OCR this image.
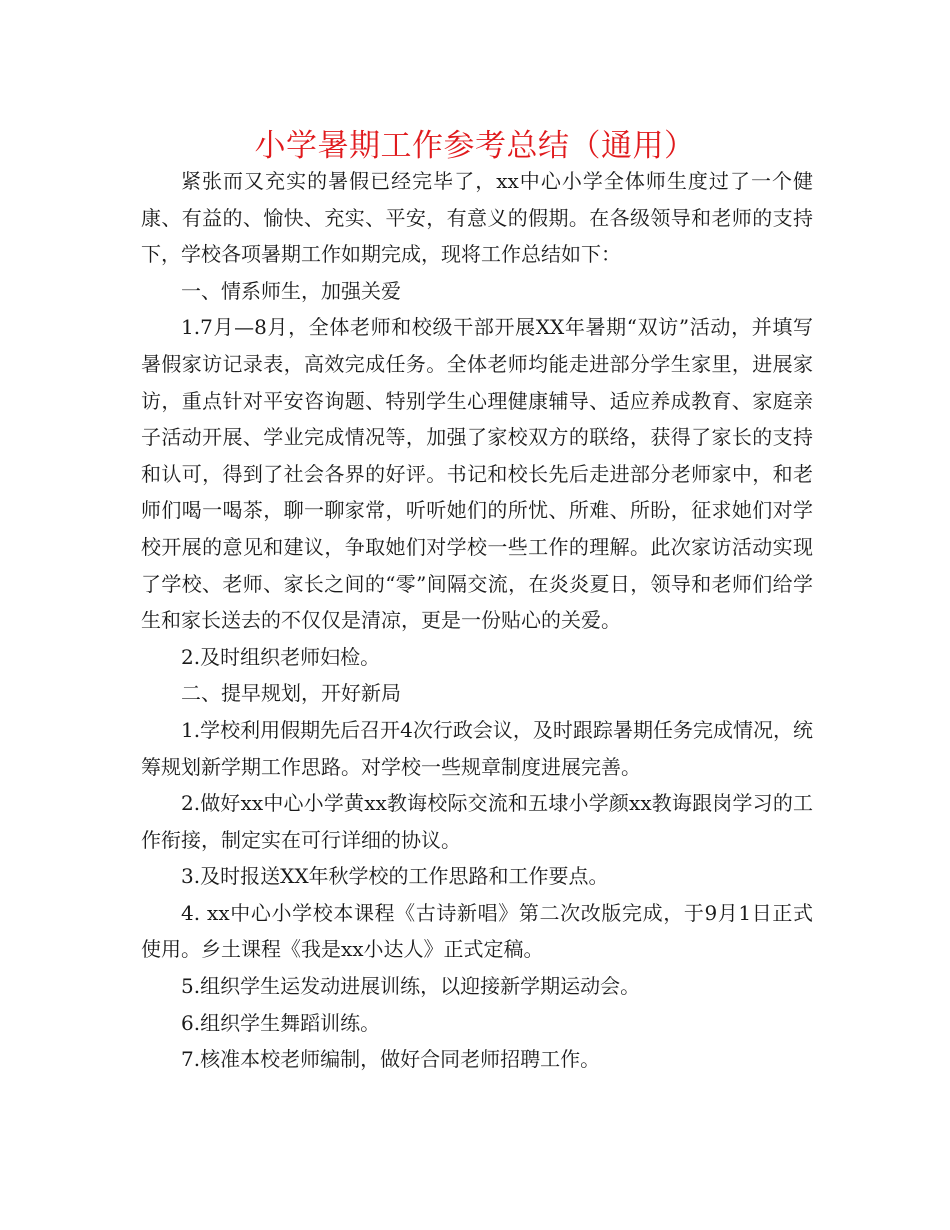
小学暑期工作参考总结（通用）

紧张而又充实的暑假已经完毕了，xx中心小学全体师生度过了一个健康、有益的、愉快、充实、平安，有意义的假期。在各级领导和老师的支持下，学校各项暑期工作如期完成，现将工作总结如下：

一、情系师生，加强关爱

1.7月—8月，全体老师和校级干部开展XX年暑期“双访”活动，并填写暑假家访记录表，高效完成任务。全体老师均能走进部分学生家里，进展家访，重点针对平安咨询题、特别学生心理健康辅导、适应养成教育、家庭亲子活动开展、学业完成情况等，加强了家校双方的联络，获得了家长的支持和认可，得到了社会各界的好评。书记和校长先后走进部分老师家中，和老师们喝一喝茶，聊一聊家常，听听她们的所忧、所难、所盼，征求她们对学校开展的意见和建议，争取她们对学校一些工作的理解。此次家访活动实现了学校、老师、家长之间的“零”间隔交流，在炎炎夏日，领导和老师们给学生和家长送去的不仅仅是清凉，更是一份贴心的关爱。

2.及时组织老师妇检。

二、提早规划，开好新局

1.学校利用假期先后召开4次行政会议，及时跟踪暑期任务完成情况，统筹规划新学期工作思路。对学校一些规章制度进展完善。

2.做好xx中心小学黄xx教诲校际交流和五埭小学颜xx教诲跟岗学习的工作衔接，制定实在可行详细的协议。

3.及时报送XX年秋学校的工作思路和工作要点。

4. xx中心小学校本课程《古诗新唱》第二次改版完成，于9月1日正式使用。乡土课程《我是xx小达人》正式定稿。

5.组织学生运发动进展训练，以迎接新学期运动会。

6.组织学生舞蹈训练。

7.核准本校老师编制，做好合同老师招聘工作。
